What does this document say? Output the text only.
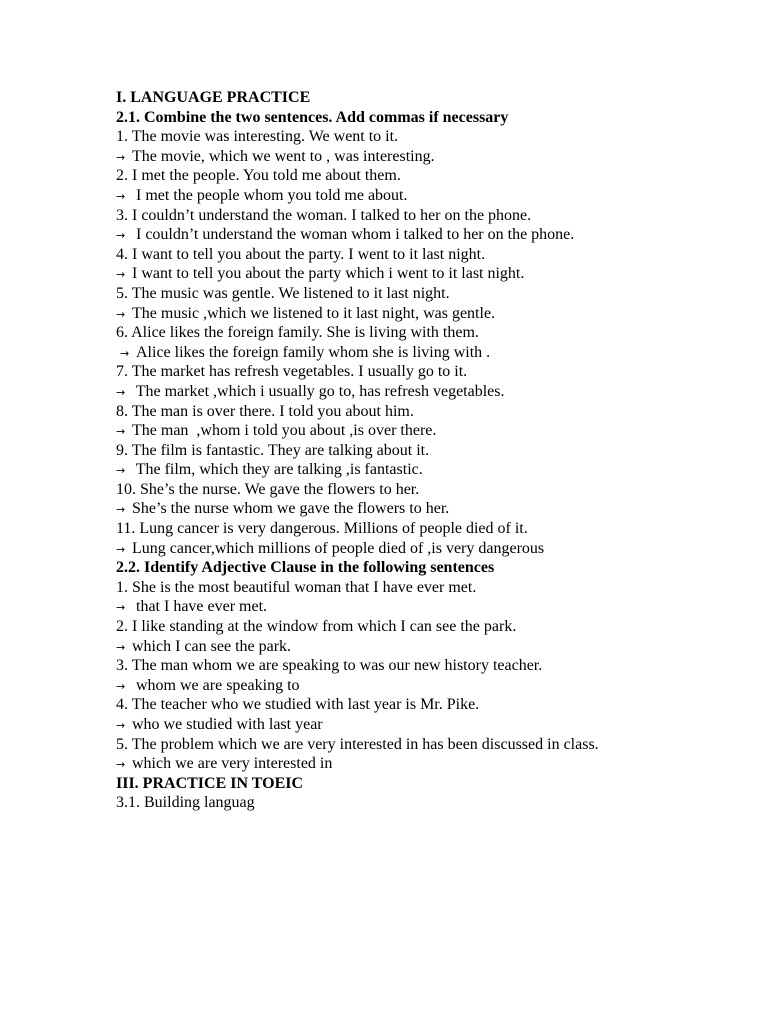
I. LANGUAGE PRACTICE
2.1. Combine the two sentences. Add commas if necessary
1. The movie was interesting. We went to it.
→ The movie, which we went to , was interesting.
2. I met the people. You told me about them.
→ I met the people whom you told me about.
3. I couldn’t understand the woman. I talked to her on the phone.
→ I couldn’t understand the woman whom i talked to her on the phone.
4. I want to tell you about the party. I went to it last night.
→ I want to tell you about the party which i went to it last night.
5. The music was gentle. We listened to it last night.
→ The music ,which we listened to it last night, was gentle.
6. Alice likes the foreign family. She is living with them.
→ Alice likes the foreign family whom she is living with .
7. The market has refresh vegetables. I usually go to it.
→ The market ,which i usually go to, has refresh vegetables.
8. The man is over there. I told you about him.
→ The man  ,whom i told you about ,is over there.
9. The film is fantastic. They are talking about it.
→ The film, which they are talking ,is fantastic.
10. She’s the nurse. We gave the flowers to her.
→ She’s the nurse whom we gave the flowers to her.
11. Lung cancer is very dangerous. Millions of people died of it.
→ Lung cancer,which millions of people died of ,is very dangerous
2.2. Identify Adjective Clause in the following sentences
1. She is the most beautiful woman that I have ever met.
→ that I have ever met.
2. I like standing at the window from which I can see the park.
→ which I can see the park.
3. The man whom we are speaking to was our new history teacher.
→ whom we are speaking to
4. The teacher who we studied with last year is Mr. Pike.
→ who we studied with last year
5. The problem which we are very interested in has been discussed in class.
→ which we are very interested in
III. PRACTICE IN TOEIC
3.1. Building languag
